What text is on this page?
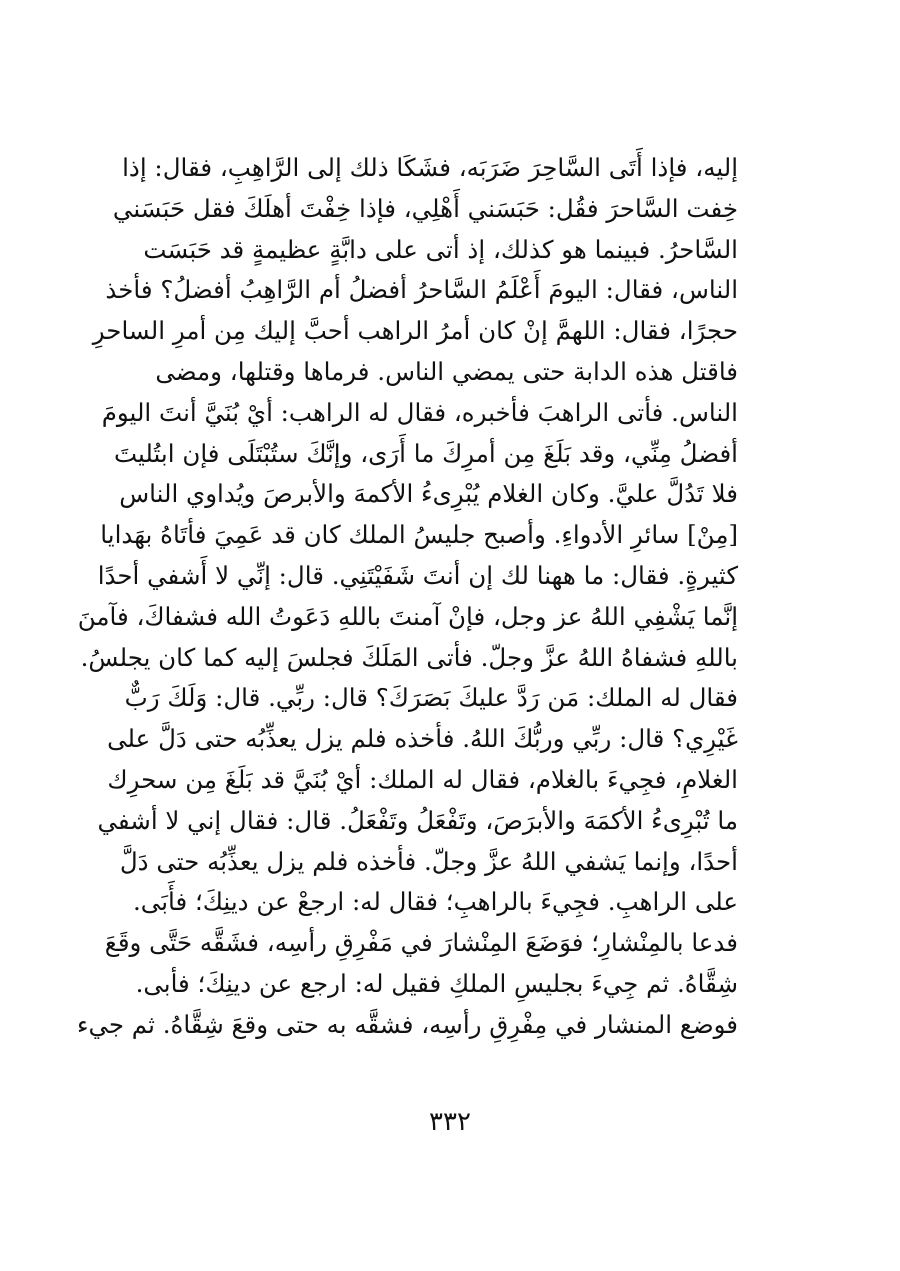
إليه، فإذا أَتَى السَّاحِرَ ضَرَبَه، فشَكَا ذلك إلى الرَّاهِبِ، فقال: إذا
خِفت السَّاحرَ فقُل: حَبَسَني أَهْلِي، فإذا خِفْتَ أهلَكَ فقل حَبَسَني
السَّاحرُ. فبينما هو كذلك، إذ أتى على دابَّةٍ عظيمةٍ قد حَبَسَت
الناس، فقال: اليومَ أَعْلَمُ السَّاحرُ أفضلُ أم الرَّاهِبُ أفضلُ؟ فأخذ
حجرًا، فقال: اللهمَّ إنْ كان أمرُ الراهب أحبَّ إليك مِن أمرِ الساحرِ
فاقتل هذه الدابة حتى يمضي الناس. فرماها وقتلها، ومضى
الناس. فأتى الراهبَ فأخبره، فقال له الراهب: أيْ بُنَيَّ أنتَ اليومَ
أفضلُ مِنِّي، وقد بَلَغَ مِن أمرِكَ ما أَرَى، وإنَّكَ ستُبْتَلَى فإن ابتُليتَ
فلا تَدُلَّ عليَّ. وكان الغلام يُبْرِىءُ الأكمهَ والأبرصَ ويُداوي الناس
[مِنْ] سائرِ الأدواءِ. وأصبح جليسُ الملك كان قد عَمِيَ فأتَاهُ بهَدايا
كثيرةٍ. فقال: ما ههنا لك إن أنتَ شَفَيْتَنِي. قال: إنِّي لا أَشفي أحدًا
إنَّما يَشْفِي اللهُ عز وجل، فإنْ آمنتَ باللهِ دَعَوتُ الله فشفاكَ، فآمنَ
باللهِ فشفاهُ اللهُ عزَّ وجلّ. فأتى المَلَكَ فجلسَ إليه كما كان يجلسُ.
فقال له الملك: مَن رَدَّ عليكَ بَصَرَكَ؟ قال: ربِّي. قال: وَلَكَ رَبٌّ
غَيْرِي؟ قال: ربِّي وربُّكَ اللهُ. فأخذه فلم يزل يعذِّبُه حتى دَلَّ على
الغلامِ، فجِيءَ بالغلام، فقال له الملك: أيْ بُنَيَّ قد بَلَغَ مِن سحرِك
ما تُبْرِىءُ الأكمَهَ والأبرَصَ، وتَفْعَلُ وتَفْعَلُ. قال: فقال إني لا أشفي
أحدًا، وإنما يَشفي اللهُ عزَّ وجلّ. فأخذه فلم يزل يعذِّبُه حتى دَلَّ
على الراهبِ. فجِيءَ بالراهبِ؛ فقال له: ارجعْ عن دينِكَ؛ فأَبَى.
فدعا بالمِنْشارِ؛ فوَضَعَ المِنْشارَ في مَفْرِقِ رأسِه، فشَقَّه حَتَّى وقَعَ
شِقَّاهُ. ثم جِيءَ بجليسِ الملكِ فقيل له: ارجع عن دينِكَ؛ فأبى.
فوضع المنشار في مِفْرِقِ رأسِه، فشقَّه به حتى وقعَ شِقَّاهُ. ثم جيء
٣٣٢
